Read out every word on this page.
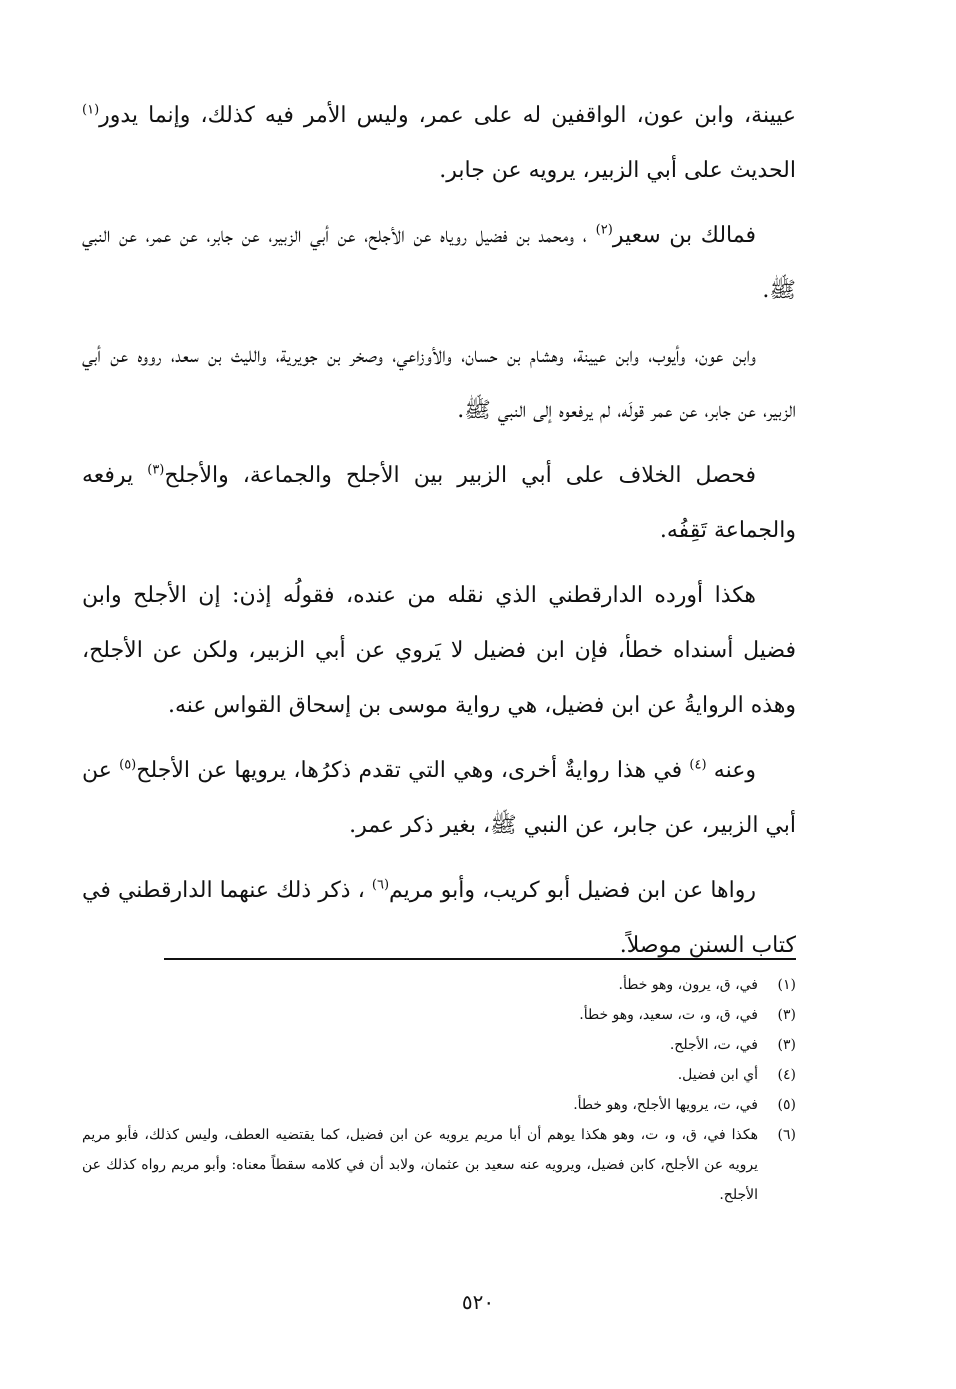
عيينة، وابن عون، الواقفين له على عمر، وليس الأمر فيه كذلك، وإنما يدور$^{(١)}$ الحديث على أبي الزبير، يرويه عن جابر.

فمالك بن سعير$^{(٢)}$ ، ومحمد بن فضيل روياه عن الأجلح، عن أبي الزبير، عن جابر، عن عمر، عن النبي ﷺ.

وابن عون، وأيوب، وابن عيينة، وهشام بن حسان، والأوزاعي، وصخر بن جويرية، والليث بن سعد، رووه عن أبي الزبير، عن جابر، عن عمر قولَه، لم يرفعوه إلى النبي ﷺ.

فحصل الخلاف على أبي الزبير بين الأجلح والجماعة، والأجلح$^{(٣)}$ يرفعه والجماعة تَقِفُه.

هكذا أورده الدارقطني الذي نقله من عنده، فقولُه إذن: إن الأجلح وابن فضيل أسنداه خطأ، فإن ابن فضيل لا يَروي عن أبي الزبير، ولكن عن الأجلح، وهذه الروايةُ عن ابن فضيل، هي رواية موسى بن إسحاق القواس عنه.

وعنه $^{(٤)}$ في هذا روايةٌ أخرى، وهي التي تقدم ذكرُها، يرويها عن الأجلح$^{(٥)}$ عن أبي الزبير، عن جابر، عن النبي ﷺ، بغير ذكر عمر.

رواها عن ابن فضيل أبو كريب، وأبو مريم$^{(٦)}$ ، ذكر ذلك عنهما الدارقطني في كتاب السنن موصلاً.

(١)
في، ق، يرون، وهو خطأ.
(٣)
في، ق، و، ت، سعيد، وهو خطأ.
(٣)
في، ت، الأجلح.
(٤)
أي ابن فضيل.
(٥)
في، ت، يرويها الأجلح، وهو خطأ.
(٦)
هكذا في، ق، و، ت، وهو هكذا يوهم أن أبا مريم يرويه عن ابن فضيل، كما يقتضيه العطف، وليس كذلك، فأبو مريم يرويه عن الأجلح، كابن فضيل، ويرويه عنه سعيد بن عثمان، ولابد أن في كلامه سقطاً معناه: وأبو مريم رواه كذلك عن الأجلح.
٥٢٠
